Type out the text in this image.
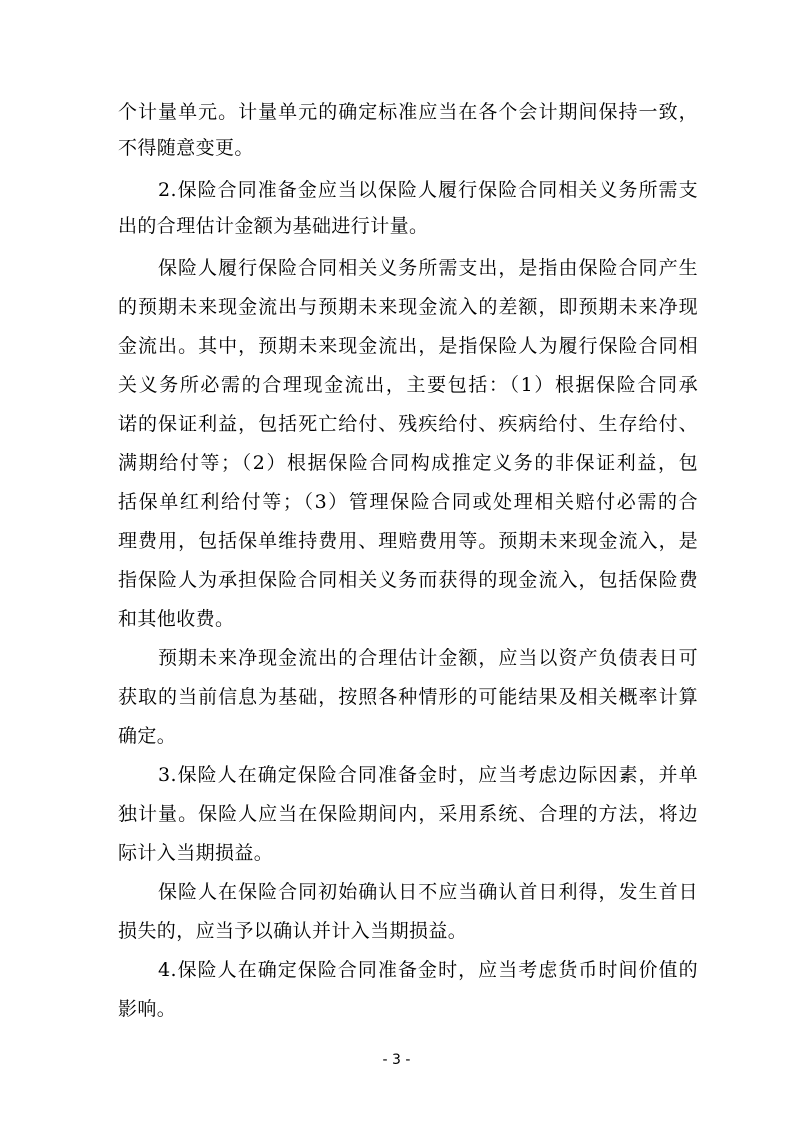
个计量单元。计量单元的确定标准应当在各个会计期间保持一致，
不得随意变更。
2.保险合同准备金应当以保险人履行保险合同相关义务所需支
出的合理估计金额为基础进行计量。
保险人履行保险合同相关义务所需支出，是指由保险合同产生
的预期未来现金流出与预期未来现金流入的差额，即预期未来净现
金流出。其中，预期未来现金流出，是指保险人为履行保险合同相
关义务所必需的合理现金流出，主要包括：（1）根据保险合同承
诺的保证利益，包括死亡给付、残疾给付、疾病给付、生存给付、
满期给付等；（2）根据保险合同构成推定义务的非保证利益，包
括保单红利给付等；（3）管理保险合同或处理相关赔付必需的合
理费用，包括保单维持费用、理赔费用等。预期未来现金流入，是
指保险人为承担保险合同相关义务而获得的现金流入，包括保险费
和其他收费。
预期未来净现金流出的合理估计金额，应当以资产负债表日可
获取的当前信息为基础，按照各种情形的可能结果及相关概率计算
确定。
3.保险人在确定保险合同准备金时，应当考虑边际因素，并单
独计量。保险人应当在保险期间内，采用系统、合理的方法，将边
际计入当期损益。
保险人在保险合同初始确认日不应当确认首日利得，发生首日
损失的，应当予以确认并计入当期损益。
4.保险人在确定保险合同准备金时，应当考虑货币时间价值的
影响。
- 3 -
